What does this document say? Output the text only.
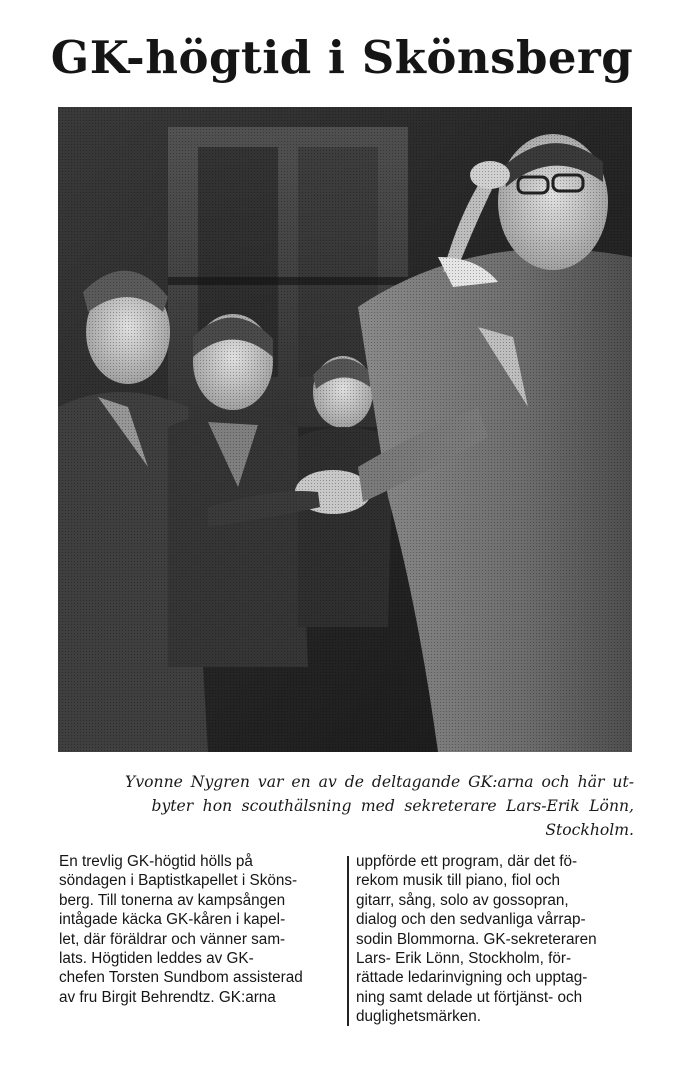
GK-högtid i Skönsberg
Yvonne Nygren var en av de deltagande GK:arna och här ut-
byter hon scouthälsning med sekreterare Lars-Erik Lönn,
Stockholm.
En trevlig GK-högtid hölls på
söndagen i Baptistkapellet i Sköns-
berg. Till tonerna av kampsången
intågade käcka GK-kåren i kapel-
let, där föräldrar och vänner sam-
lats. Högtiden leddes av GK-
chefen Torsten Sundbom assisterad
av fru Birgit Behrendtz. GK:arna
uppförde ett program, där det fö-
rekom musik till piano, fiol och
gitarr, sång, solo av gossopran,
dialog och den sedvanliga vårrap-
sodin Blommorna. GK-sekreteraren
Lars- Erik Lönn, Stockholm, för-
rättade ledarinvigning och upptag-
ning samt delade ut förtjänst- och
duglighetsmärken.
